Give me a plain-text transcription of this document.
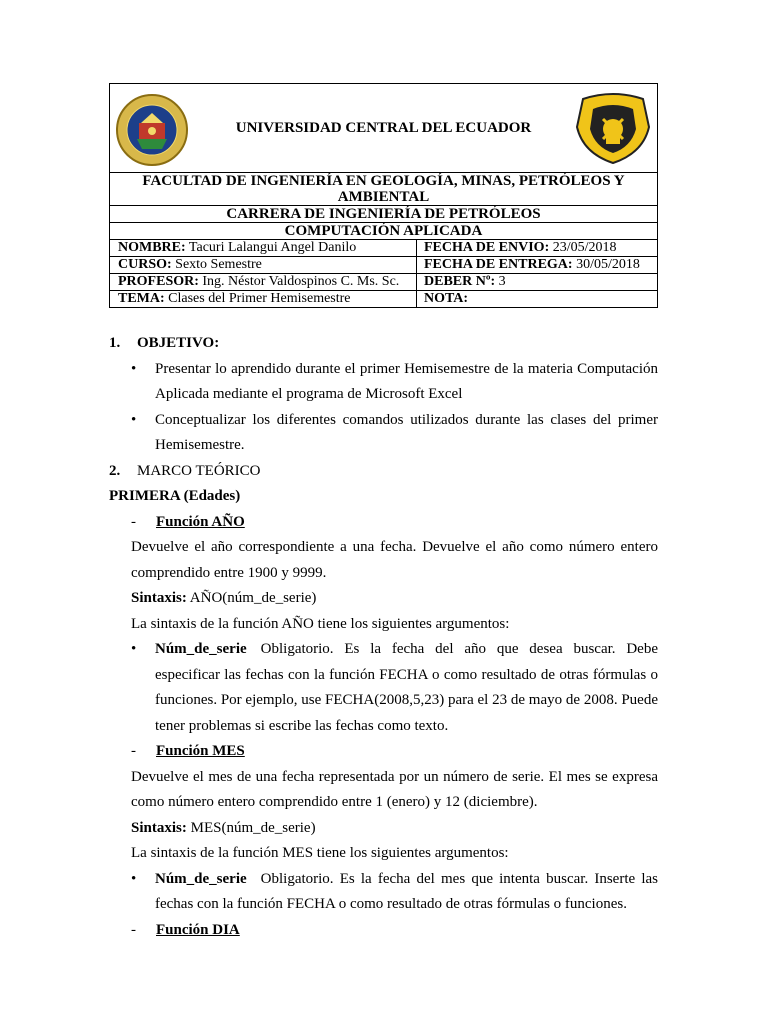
UNIVERSIDAD CENTRAL DEL ECUADOR
FACULTAD DE INGENIERÍA EN GEOLOGÍA, MINAS, PETRÓLEOS Y AMBIENTAL
CARRERA DE INGENIERÍA DE PETRÓLEOS
COMPUTACIÓN APLICADA
NOMBRE: Tacuri Lalangui Angel Danilo	FECHA DE ENVIO: 23/05/2018
CURSO: Sexto Semestre	FECHA DE ENTREGA: 30/05/2018
PROFESOR: Ing. Néstor Valdospinos C. Ms. Sc.	DEBER Nº: 3
TEMA: Clases del Primer Hemisemestre	NOTA:
1. OBJETIVO:
• Presentar lo aprendido durante el primer Hemisemestre de la materia Computación Aplicada mediante el programa de Microsoft Excel
• Conceptualizar los diferentes comandos utilizados durante las clases del primer Hemisemestre.
2. MARCO TEÓRICO
PRIMERA (Edades)
- Función AÑO
Devuelve el año correspondiente a una fecha. Devuelve el año como número entero comprendido entre 1900 y 9999.
Sintaxis: AÑO(núm_de_serie)
La sintaxis de la función AÑO tiene los siguientes argumentos:
• Núm_de_serie Obligatorio. Es la fecha del año que desea buscar. Debe especificar las fechas con la función FECHA o como resultado de otras fórmulas o funciones. Por ejemplo, use FECHA(2008,5,23) para el 23 de mayo de 2008. Puede tener problemas si escribe las fechas como texto.
- Función MES
Devuelve el mes de una fecha representada por un número de serie. El mes se expresa como número entero comprendido entre 1 (enero) y 12 (diciembre).
Sintaxis: MES(núm_de_serie)
La sintaxis de la función MES tiene los siguientes argumentos:
• Núm_de_serie Obligatorio. Es la fecha del mes que intenta buscar. Inserte las fechas con la función FECHA o como resultado de otras fórmulas o funciones.
- Función DIA
